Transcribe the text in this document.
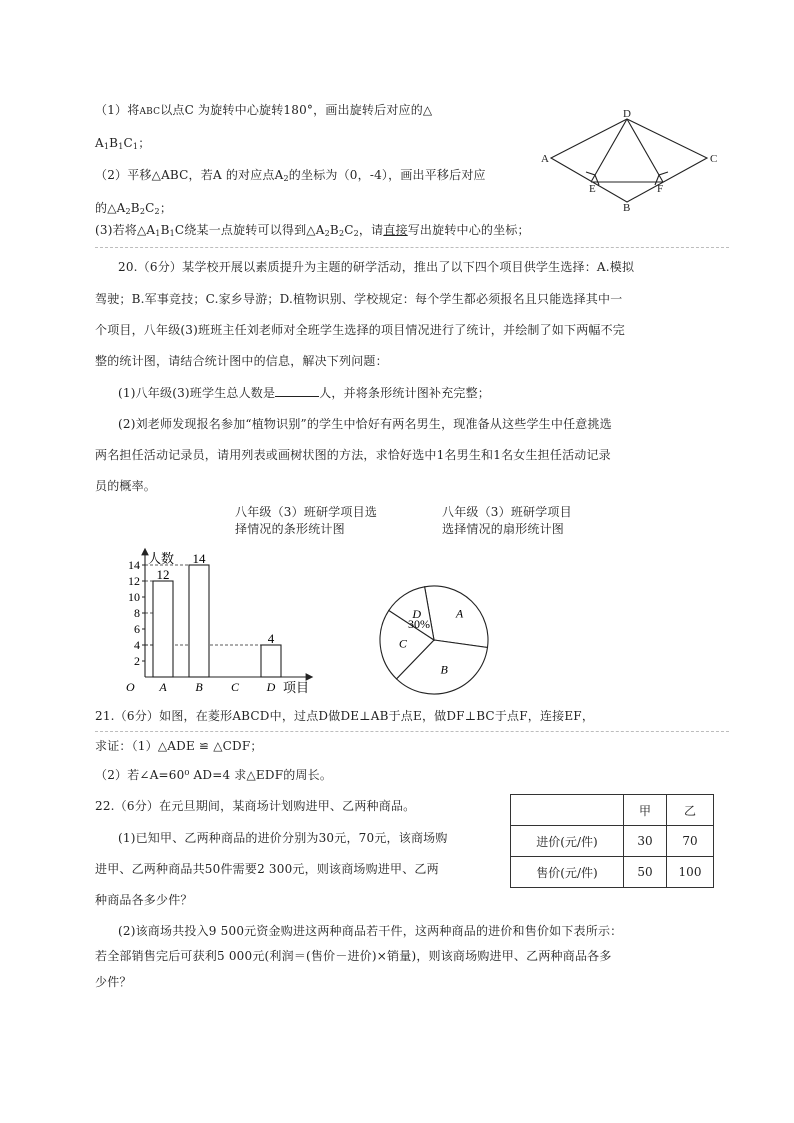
（1）将ABC以点C 为旋转中心旋转180°，画出旋转后对应的△
$A_1B_1C_1$；
（2）平移△ABC，若A 的对应点$A_2$的坐标为（0，-4），画出平移后对应
的$\triangle A_2B_2C_2$；
(3)若将$\triangle A_1B_1C$绕某一点旋转可以得到$\triangle A_2B_2C_2$，请直接写出旋转中心的坐标；
A
D
C
E
B
F
20.（6分）某学校开展以素质提升为主题的研学活动，推出了以下四个项目供学生选择：A.模拟
驾驶；B.军事竞技；C.家乡导游；D.植物识别、学校规定：每个学生都必须报名且只能选择其中一
个项目，八年级(3)班班主任刘老师对全班学生选择的项目情况进行了统计，并绘制了如下两幅不完
整的统计图，请结合统计图中的信息，解决下列问题：
(1)八年级(3)班学生总人数是	人，并将条形统计图补充完整；
(2)刘老师发现报名参加“植物识别”的学生中恰好有两名男生，现准备从这些学生中任意挑选
两名担任活动记录员，请用列表或画树状图的方法，求恰好选中1名男生和1名女生担任活动记录
员的概率。
八年级（3）班研学项目选
择情况的条形统计图
八年级（3）班研学项目
选择情况的扇形统计图
2
4
6
8
10
12
14
A
12
B
14
C D
4
人数
项目
O
A
B
C
D
30%
21.（6分）如图，在菱形ABCD中，过点D做DE⊥AB于点E，做DF⊥BC于点F，连接EF，
求证：（1）△ADE ≌ △CDF；
（2）若∠A=60⁰ AD=4 求△EDF的周长。
22.（6分）在元旦期间，某商场计划购进甲、乙两种商品。
(1)已知甲、乙两种商品的进价分别为30元，70元，该商场购
进甲、乙两种商品共50件需要2 300元，则该商场购进甲、乙两
种商品各多少件？
(2)该商场共投入9 500元资金购进这两种商品若干件，这两种商品的进价和售价如下表所示：
若全部销售完后可获利5 000元(利润＝(售价－进价)×销量)，则该商场购进甲、乙两种商品各多
少件？
	甲	乙
进价(元/件)	30	70
售价(元/件)	50	100
